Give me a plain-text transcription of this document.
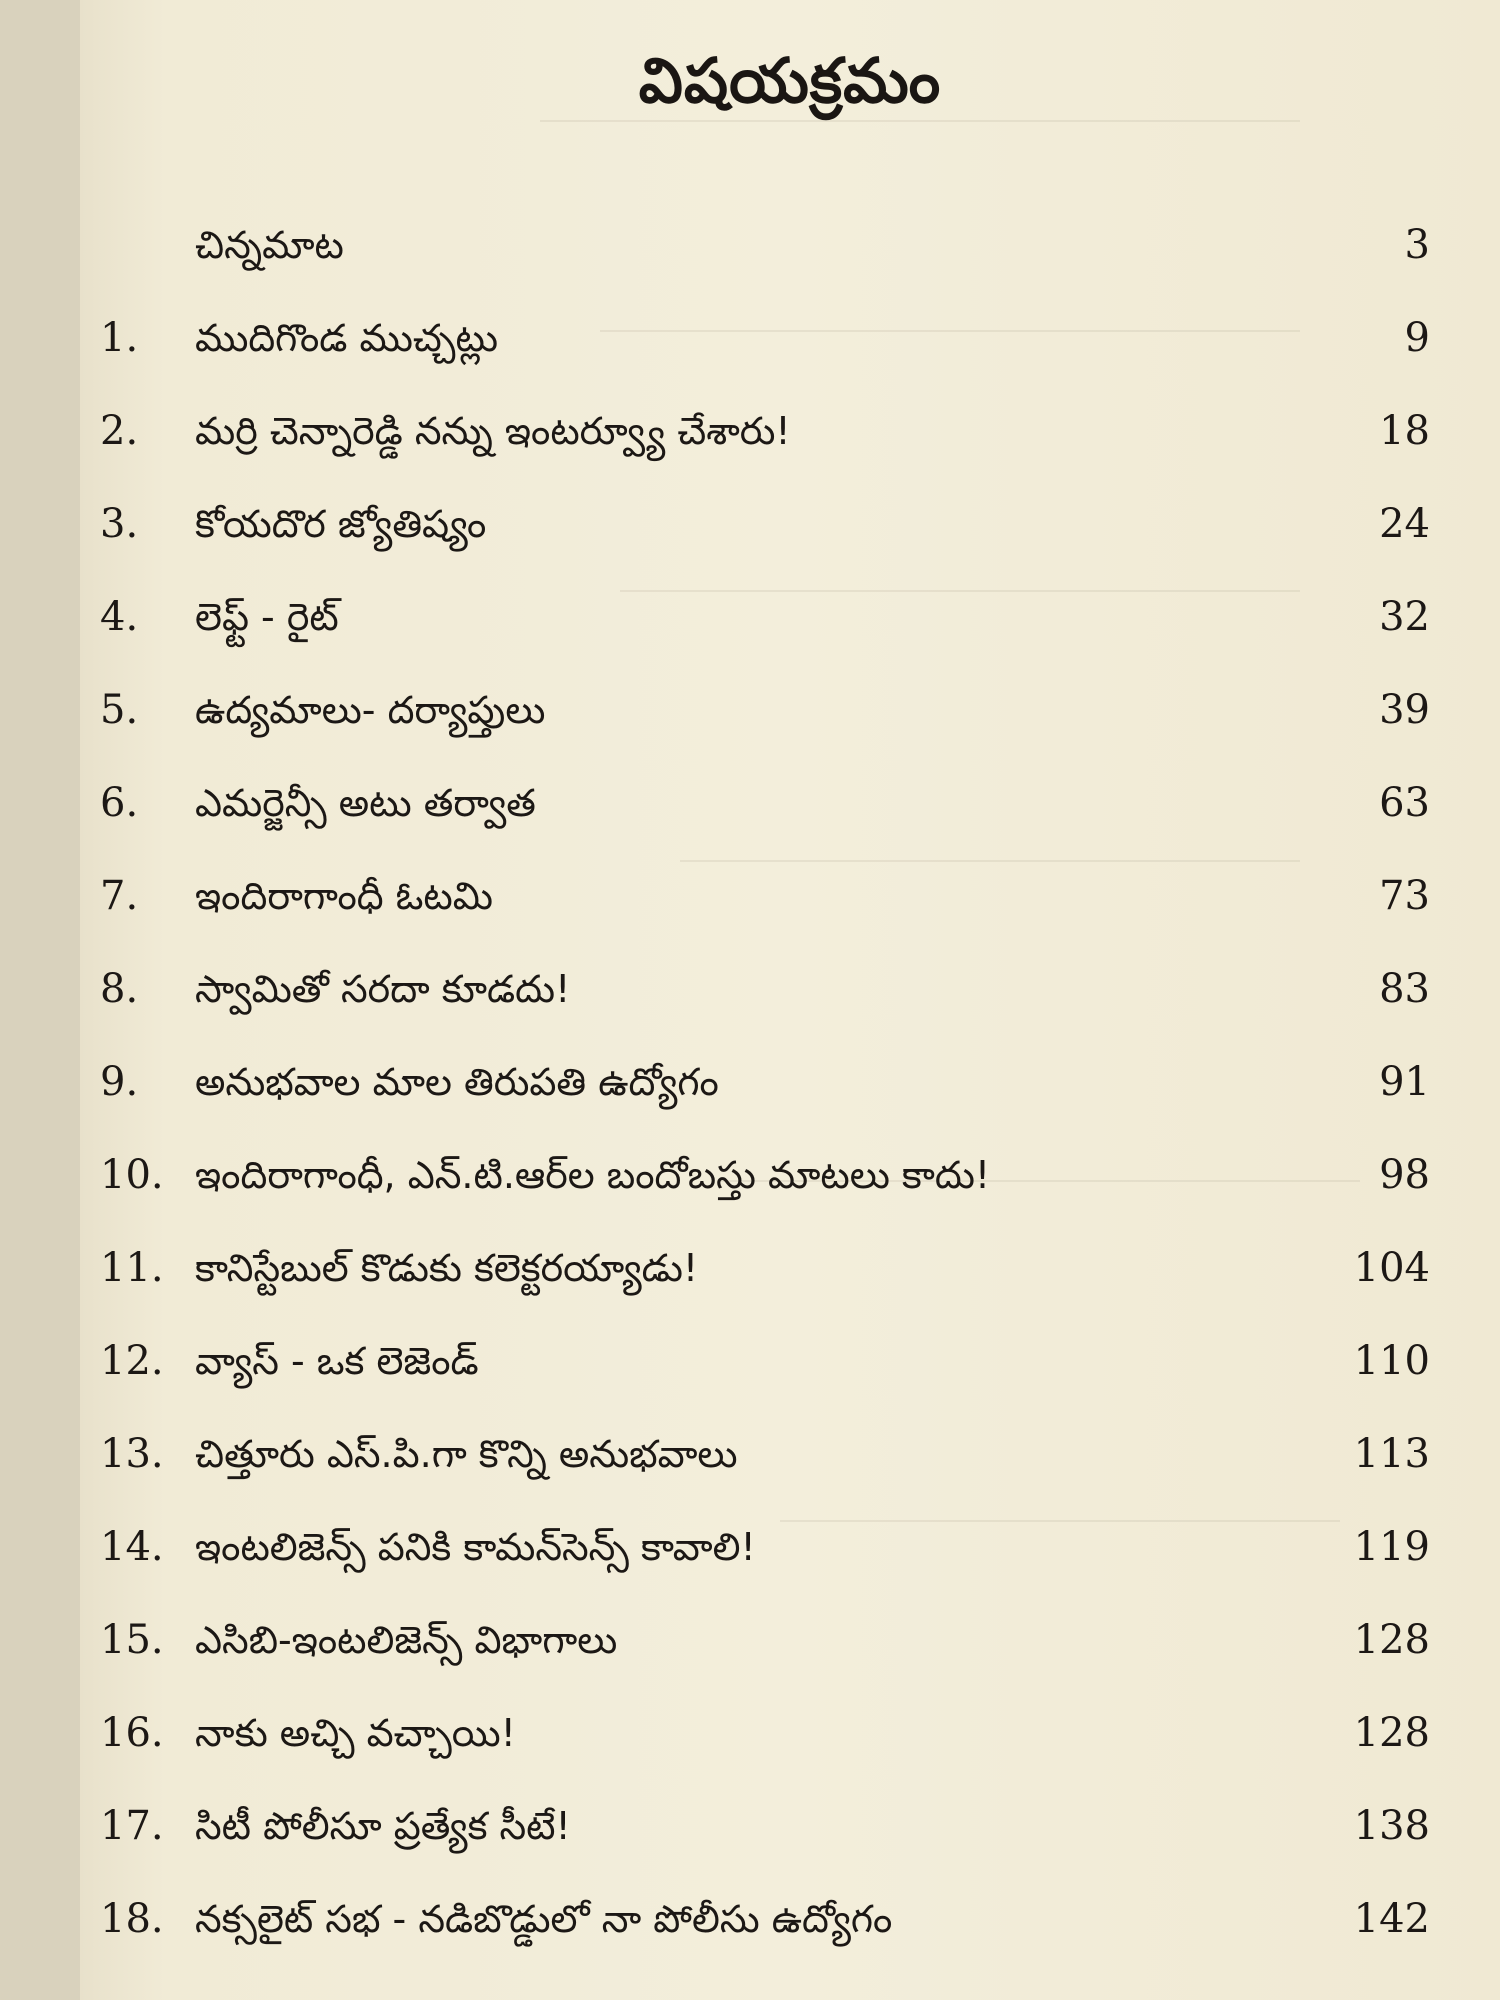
విషయక్రమం
చిన్నమాట	3
1.	ముదిగొండ ముచ్చట్లు	9
2.	మర్రి చెన్నారెడ్డి నన్ను ఇంటర్వ్యూ చేశారు!	18
3.	కోయదొర జ్యోతిష్యం	24
4.	లెఫ్ట్ - రైట్	32
5.	ఉద్యమాలు- దర్యాప్తులు	39
6.	ఎమర్జెన్సీ అటు తర్వాత	63
7.	ఇందిరాగాంధీ ఓటమి	73
8.	స్వామితో సరదా కూడదు!	83
9.	అనుభవాల మాల తిరుపతి ఉద్యోగం	91
10. ఇందిరాగాంధీ, ఎన్.టి.ఆర్‌ల బందోబస్తు మాటలు కాదు!	98
11. కానిస్టేబుల్ కొడుకు కలెక్టరయ్యాడు!	104
12. వ్యాస్ - ఒక లెజెండ్	110
13. చిత్తూరు ఎస్.పి.గా కొన్ని అనుభవాలు	113
14. ఇంటలిజెన్స్ పనికి కామన్‌సెన్స్ కావాలి!	119
15. ఎసిబి-ఇంటలిజెన్స్ విభాగాలు	128
16. నాకు అచ్చి వచ్చాయి!	128
17. సిటీ పోలీసూ ప్రత్యేక సీటే!	138
18. నక్సలైట్ సభ - నడిబొడ్డులో నా పోలీసు ఉద్యోగం	142
